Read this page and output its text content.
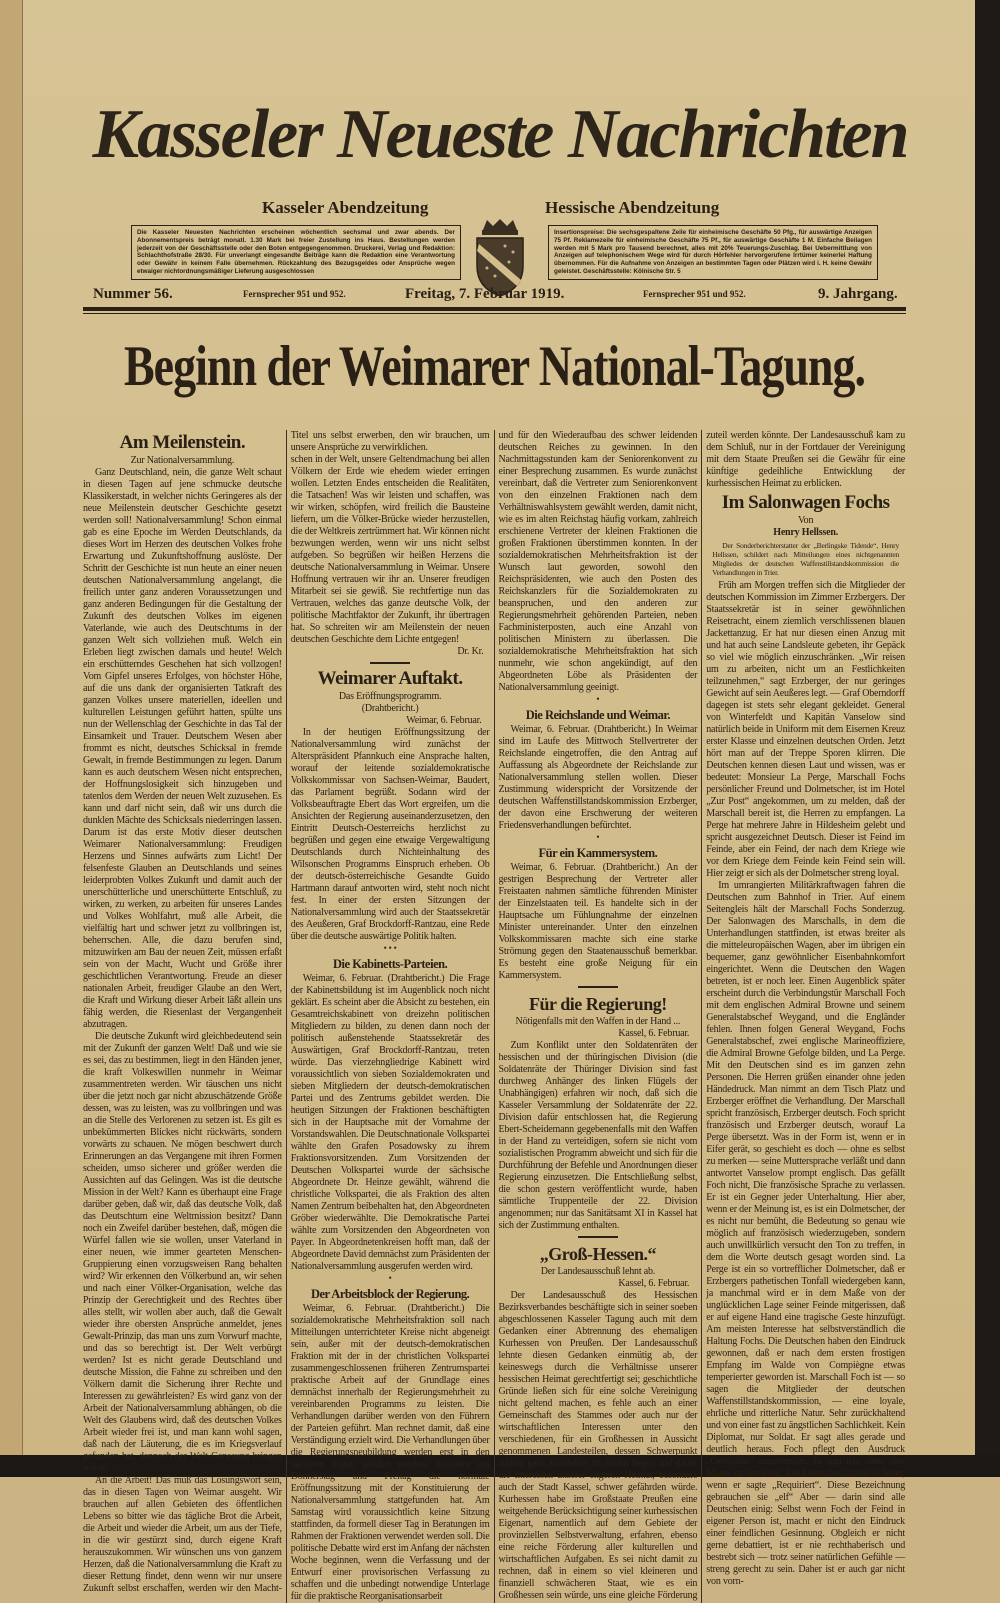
Kasseler Neueste Nachrichten
Kasseler Abendzeitung	Hessische Abendzeitung
Die Kasseler Neuesten Nachrichten erscheinen wöchentlich sechsmal und zwar abends. Der Abonnementspreis beträgt monatl. 1.30 Mark bei freier Zustellung ins Haus. Bestellungen werden jederzeit von der Geschäftsstelle oder den Boten entgegengenommen. Druckerei, Verlag und Redaktion: Schlachthofstraße 28/30. Für unverlangt eingesandte Beiträge kann die Redaktion eine Verantwortung oder Gewähr in keinem Falle übernehmen. Rückzahlung des Bezugsgeldes oder Ansprüche wegen etwaiger nichtordnungsmäßiger Lieferung ausgeschlossen
Insertionspreise: Die sechsgespaltene Zeile für einheimische Geschäfte 50 Pfg., für auswärtige Anzeigen 75 Pf. Reklamezeile für einheimische Geschäfte 75 Pf., für auswärtige Geschäfte 1 M. Einfache Beilagen werden mit 5 Mark pro Tausend berechnet, alles mit 20% Teuerungs-Zuschlag. Bei Uebermittlung von Anzeigen auf telephonischem Wege wird für durch Hörfehler hervorgerufene Irrtümer keinerlei Haftung übernommen. Für die Aufnahme von Anzeigen an bestimmten Tagen oder Plätzen wird i. H. keine Gewähr geleistet. Geschäftsstelle: Kölnische Str. 5
Nummer 56.	Fernsprecher 951 und 952.	Freitag, 7. Februar 1919.	Fernsprecher 951 und 952.	9. Jahrgang.
Beginn der Weimarer National-Tagung.
Am Meilenstein.
Zur Nationalversammlung.
Ganz Deutschland, nein, die ganze Welt schaut in diesen Tagen auf jene schmucke deutsche Klassikerstadt, in welcher nichts Geringeres als der neue Meilenstein deutscher Geschichte gesetzt werden soll! Nationalversammlung! Schon einmal gab es eine Epoche im Werden Deutschlands, da dieses Wort im Herzen des deutschen Volkes frohe Erwartung und Zukunftshoffnung auslöste. Der Schritt der Geschichte ist nun heute an einer neuen deutschen Nationalversammlung angelangt, die freilich unter ganz anderen Voraussetzungen und ganz anderen Bedingungen für die Gestaltung der Zukunft des deutschen Volkes im eigenen Vaterlande, wie auch des Deutschtums in der ganzen Welt sich vollziehen muß. Welch ein Erleben liegt zwischen damals und heute! Welch ein erschütterndes Geschehen hat sich vollzogen! Vom Gipfel unseres Erfolges, von höchster Höhe, auf die uns dank der organisierten Tatkraft des ganzen Volkes unsere materiellen, ideellen und kulturellen Leistungen geführt hatten, spülte uns nun der Wellenschlag der Geschichte in das Tal der Einsamkeit und Trauer. Deutschem Wesen aber frommt es nicht, deutsches Schicksal in fremde Gewalt, in fremde Bestimmungen zu legen. Darum kann es auch deutschem Wesen nicht entsprechen, der Hoffnungslosigkeit sich hinzugeben und tatenlos dem Werden der neuen Welt zuzusehen. Es kann und darf nicht sein, daß wir uns durch die dunklen Mächte des Schicksals niederringen lassen. Darum ist das erste Motiv dieser deutschen Weimarer Nationalversammlung: Freudigen Herzens und Sinnes aufwärts zum Licht! Der felsenfeste Glauben an Deutschlands und seines leiderprobten Volkes Zukunft und damit auch der unerschütterliche und unerschütterte Entschluß, zu wirken, zu werken, zu arbeiten für unseres Landes und Volkes Wohlfahrt, muß alle Arbeit, die vielfältig hart und schwer jetzt zu vollbringen ist, beherrschen. Alle, die dazu berufen sind, mitzuwirken am Bau der neuen Zeit, müssen erfaßt sein von der Macht, Wucht und Größe ihrer geschichtlichen Verantwortung. Freude an dieser nationalen Arbeit, freudiger Glaube an den Wert, die Kraft und Wirkung dieser Arbeit läßt allein uns fähig werden, die Riesenlast der Vergangenheit abzutragen.
Die deutsche Zukunft wird gleichbedeutend sein mit der Zukunft der ganzen Welt! Daß und wie sie es sei, das zu bestimmen, liegt in den Händen jener, die kraft Volkeswillen nunmehr in Weimar zusammentreten werden. Wir täuschen uns nicht über die jetzt noch gar nicht abzuschätzende Größe dessen, was zu leisten, was zu vollbringen und was an die Stelle des Verlorenen zu setzen ist. Es gilt es unbekümmerten Blickes nicht rückwärts, sondern vorwärts zu schauen. Ne mögen beschwert durch Erinnerungen an das Vergangene mit ihren Formen scheiden, umso sicherer und größer werden die Aussichten auf das Gelingen. Was ist die deutsche Mission in der Welt? Kann es überhaupt eine Frage darüber geben, daß wir, daß das deutsche Volk, daß das Deutschtum eine Weltmission besitzt? Dann noch ein Zweifel darüber bestehen, daß, mögen die Würfel fallen wie sie wollen, unser Vaterland in einer neuen, wie immer gearteten Menschen-Gruppierung einen vorzugsweisen Rang behalten wird? Wir erkennen den Völkerbund an, wir sehen und nach einer Völker-Organisation, welche das Prinzip der Gerechtigkeit und des Rechtes über alles stellt, wir wollen aber auch, daß die Gewalt wieder ihre obersten Ansprüche anmeldet, jenes Gewalt-Prinzip, das man uns zum Vorwurf machte, und das so berechtigt ist. Der Welt verbürgt werden? Ist es nicht gerade Deutschland und deutsche Mission, die Fahne zu schreiben und den Völkern damit die Sicherung ihrer Rechte und Interessen zu gewährleisten? Es wird ganz von der Arbeit der Nationalversammlung abhängen, ob die Welt des Glaubens wird, daß des deutschen Volkes Arbeit wieder frei ist, und man kann wohl sagen, daß nach der Läuterung, die es im Kriegsverlauf gefunden hat, dennoch der Welt Genesung bringen werde.
An die Arbeit! Das muß das Losungswort sein, das in diesen Tagen von Weimar ausgeht. Wir brauchen auf allen Gebieten des öffentlichen Lebens so bitter wie das tägliche Brot die Arbeit, die Arbeit und wieder die Arbeit, um aus der Tiefe, in die wir gestürzt sind, durch eigene Kraft herauszukommen. Wir wünschen uns von ganzem Herzen, daß die Nationalversammlung die Kraft zu dieser Rettung findet, denn wenn wir nur unsere Zukunft selbst erschaffen, werden wir den Macht-Titel uns selbst erwerben, den wir brauchen, um unsere Ansprüche zu verwirklichen.
schen in der Welt, unsere Geltendmachung bei allen Völkern der Erde wie ehedem wieder erringen wollen. Letzten Endes entscheiden die Realitäten, die Tatsachen! Was wir leisten und schaffen, was wir wirken, schöpfen, wird freilich die Bausteine liefern, um die Völker-Brücke wieder herzustellen, die der Weltkreis zertrümmert hat. Wir können nicht bezwungen werden, wenn wir uns nicht selbst aufgeben. So begrüßen wir heißen Herzens die deutsche Nationalversammlung in Weimar. Unsere Hoffnung vertrauen wir ihr an. Unserer freudigen Mitarbeit sei sie gewiß. Sie rechtfertige nun das Vertrauen, welches das ganze deutsche Volk, der politische Machtfaktor der Zukunft, ihr übertragen hat. So schreiten wir am Meilenstein der neuen deutschen Geschichte dem Lichte entgegen!
Dr. Kr.
Weimarer Auftakt.
Das Eröffnungsprogramm.
(Drahtbericht.)
Weimar, 6. Februar.
In der heutigen Eröffnungssitzung der Nationalversammlung wird zunächst der Alterspräsident Pfannkuch eine Ansprache halten, worauf der leitende sozialdemokratische Volkskommissar von Sachsen-Weimar, Baudert, das Parlament begrüßt. Sodann wird der Volksbeauftragte Ebert das Wort ergreifen, um die Ansichten der Regierung auseinanderzusetzen, den Eintritt Deutsch-Oesterreichs herzlichst zu begrüßen und gegen eine etwaige Vergewaltigung Deutschlands durch Nichteinhaltung des Wilsonschen Programms Einspruch erheben. Ob der deutsch-österreichische Gesandte Guido Hartmann darauf antworten wird, steht noch nicht fest. In einer der ersten Sitzungen der Nationalversammlung wird auch der Staatssekretär des Aeußeren, Graf Brockdorff-Rantzau, eine Rede über die deutsche auswärtige Politik halten.
• • •
Die Kabinetts-Parteien.
Weimar, 6. Februar. (Drahtbericht.) Die Frage der Kabinettsbildung ist im Augenblick noch nicht geklärt. Es scheint aber die Absicht zu bestehen, ein Gesamtreichskabinett von dreizehn politischen Mitgliedern zu bilden, zu denen dann noch der politisch außenstehende Staatssekretär des Auswärtigen, Graf Brockdorff-Rantzau, treten würde. Das vierzehngliedrige Kabinett wird voraussichtlich von sieben Sozialdemokraten und sieben Mitgliedern der deutsch-demokratischen Partei und des Zentrums gebildet werden. Die heutigen Sitzungen der Fraktionen beschäftigten sich in der Hauptsache mit der Vornahme der Vorstandswahlen. Die Deutschnationale Volkspartei wählte den Grafen Posadowsky zu ihrem Fraktionsvorsitzenden. Zum Vorsitzenden der Deutschen Volkspartei wurde der sächsische Abgeordnete Dr. Heinze gewählt, während die christliche Volkspartei, die als Fraktion des alten Namen Zentrum beibehalten hat, den Abgeordneten Gröber wiederwählte. Die Demokratische Partei wählte zum Vorsitzenden den Abgeordneten von Payer. In Abgeordnetenkreisen hofft man, daß der Abgeordnete David demnächst zum Präsidenten der Nationalversammlung ausgerufen werden wird.
•
Der Arbeitsblock der Regierung.
Weimar, 6. Februar. (Drahtbericht.) Die sozialdemokratische Mehrheitsfraktion soll nach Mitteilungen unterrichteter Kreise nicht abgeneigt sein, außer mit der deutsch-demokratischen Fraktion mit der in der christlichen Volkspartei zusammengeschlossenen früheren Zentrumspartei praktische Arbeit auf der Grundlage eines demnächst innerhalb der Regierungsmehrheit zu vereinbarenden Programms zu leisten. Die Verhandlungen darüber werden von den Führern der Parteien geführt. Man rechnet damit, daß eine Verständigung erzielt wird. Die Verhandlungen über die Regierungsneubildung werden erst in den nächsten Tagen geführt werden, nachdem am Donnerstag und Freitag die normale Eröffnungssitzung mit der Konstituierung der Nationalversammlung stattgefunden hat. Am Samstag wird voraussichtlich keine Sitzung stattfinden, da formell dieser Tag in Beratungen im Rahmen der Fraktionen verwendet werden soll. Die politische Debatte wird erst im Anfang der nächsten Woche beginnen, wenn die Verfassung und der Entwurf einer provisorischen Verfassung zu schaffen und die unbedingt notwendige Unterlage für die praktische Reorganisationsarbeit
und für den Wiederaufbau des schwer leidenden deutschen Reiches zu gewinnen. In den Nachmittagsstunden kam der Seniorenkonvent zu einer Besprechung zusammen. Es wurde zunächst vereinbart, daß die Vertreter zum Seniorenkonvent von den einzelnen Fraktionen nach dem Verhältniswahlsystem gewählt werden, damit nicht, wie es im alten Reichstag häufig vorkam, zahlreich erschienene Vertreter der kleinen Fraktionen die großen Fraktionen überstimmen konnten. In der sozialdemokratischen Mehrheitsfraktion ist der Wunsch laut geworden, sowohl den Reichspräsidenten, wie auch den Posten des Reichskanzlers für die Sozialdemokraten zu beanspruchen, und den anderen zur Regierungsmehrheit gehörenden Parteien, neben Fachministerposten, auch eine Anzahl von politischen Ministern zu überlassen. Die sozialdemokratische Mehrheitsfraktion hat sich nunmehr, wie schon angekündigt, auf den Abgeordneten Löbe als Präsidenten der Nationalversammlung geeinigt.
•
Die Reichslande und Weimar.
Weimar, 6. Februar. (Drahtbericht.) In Weimar sind im Laufe des Mittwoch Stellvertreter der Reichslande eingetroffen, die den Antrag auf Auffassung als Abgeordnete der Reichslande zur Nationalversammlung stellen wollen. Dieser Zustimmung widerspricht der Vorsitzende der deutschen Waffenstillstandskommission Erzberger, der davon eine Erschwerung der weiteren Friedensverhandlungen befürchtet.
•
Für ein Kammersystem.
Weimar, 6. Februar. (Drahtbericht.) An der gestrigen Besprechung der Vertreter aller Freistaaten nahmen sämtliche führenden Minister der Einzelstaaten teil. Es handelte sich in der Hauptsache um Fühlungnahme der einzelnen Minister untereinander. Unter den einzelnen Volkskommissaren machte sich eine starke Strömung gegen den Staatenausschuß bemerkbar. Es besteht eine große Neigung für ein Kammersystem.
Für die Regierung!
Nötigenfalls mit den Waffen in der Hand ...
Kassel, 6. Februar.
Zum Konflikt unter den Soldatenräten der hessischen und der thüringischen Division (die Soldatenräte der Thüringer Division sind fast durchweg Anhänger des linken Flügels der Unabhängigen) erfahren wir noch, daß sich die Kasseler Versammlung der Soldatenräte der 22. Division dafür entschlossen hat, die Regierung Ebert-Scheidemann gegebenenfalls mit den Waffen in der Hand zu verteidigen, sofern sie nicht vom sozialistischen Programm abweicht und sich für die Durchführung der Befehle und Anordnungen dieser Regierung einzusetzen. Die Entschließung selbst, die schon gestern veröffentlicht wurde, haben sämtliche Truppenteile der 22. Division angenommen; nur das Sanitätsamt XI in Kassel hat sich der Zustimmung enthalten.
„Groß-Hessen.“
Der Landesausschuß lehnt ab.
Kassel, 6. Februar.
Der Landesausschuß des Hessischen Bezirksverbandes beschäftigte sich in seiner soeben abgeschlossenen Kasseler Tagung auch mit dem Gedanken einer Abtrennung des ehemaligen Kurhessen von Preußen. Der Landesausschuß lehnte diesen Gedanken einmütig ab, der keineswegs durch die Verhältnisse unserer hessischen Heimat gerechtfertigt sei; geschichtliche Gründe ließen sich für eine solche Vereinigung nicht geltend machen, es fehle auch an einer Gemeinschaft des Stammes oder auch nur der wirtschaftlichen Interessen unter den verschiedenen, für ein Großhessen in Aussicht genommenen Landesteilen, dessen Schwerpunkt zudem ganz zweifellos im Süden liegen und damit die Interessen unserer engeren Heimat, besonders auch der Stadt Kassel, schwer gefährden würde. Kurhessen habe im Großstaate Preußen eine weitgehende Berücksichtigung seiner kurhessischen Eigenart, namentlich auf dem Gebiete der provinziellen Selbstverwaltung, erfahren, ebenso eine reiche Förderung aller kulturellen und wirtschaftlichen Aufgaben. Es sei nicht damit zu rechnen, daß in einem so viel kleineren und finanziell schwächeren Staat, wie es ein Großhessen sein würde, uns eine gleiche Förderung zuteil werden könnte. Der Landesausschuß kam zu dem Schluß, nur in der Fortdauer der Vereinigung mit dem Staate Preußen sei die Gewähr für eine künftige gedeihliche Entwicklung der kurhessischen Heimat zu erblicken.
Im Salonwagen Fochs
Von
Henry Hellssen.
Der Sonderberichterstatter der „Berlingske Tidende“, Henry Hellssen, schildert nach Mitteilungen eines nichtgenannten Mitgliedes der deutschen Waffenstillstandskommission die Verhandlungen in Trier.
Früh am Morgen treffen sich die Mitglieder der deutschen Kommission im Zimmer Erzbergers. Der Staatssekretär ist in seiner gewöhnlichen Reisetracht, einem ziemlich verschlissenen blauen Jackettanzug. Er hat nur diesen einen Anzug mit und hat auch seine Landsleute gebeten, ihr Gepäck so viel wie möglich einzuschränken. „Wir reisen um zu arbeiten, nicht um an Festlichkeiten teilzunehmen,“ sagt Erzberger, der nur geringes Gewicht auf sein Aeußeres legt. — Graf Oberndorff dagegen ist stets sehr elegant gekleidet. General von Winterfeldt und Kapitän Vanselow sind natürlich beide in Uniform mit dem Eisernen Kreuz erster Klasse und einzelnen deutschen Orden. Jetzt hört man auf der Treppe Sporen klirren. Die Deutschen kennen diesen Laut und wissen, was er bedeutet: Monsieur La Perge, Marschall Fochs persönlicher Freund und Dolmetscher, ist im Hotel „Zur Post“ angekommen, um zu melden, daß der Marschall bereit ist, die Herren zu empfangen. La Perge hat mehrere Jahre in Hildesheim gelebt und spricht ausgezeichnet Deutsch. Dieser ist Feind im Feinde, aber ein Feind, der nach dem Kriege wie vor dem Kriege dem Feinde kein Feind sein will. Hier zeigt er sich als der Dolmetscher streng loyal.
Im umrangierten Militärkraftwagen fahren die Deutschen zum Bahnhof in Trier. Auf einem Seitengleis hält der Marschall Fochs Sonderzug. Der Salonwagen des Marschalls, in dem die Unterhandlungen stattfinden, ist etwas breiter als die mitteleuropäischen Wagen, aber im übrigen ein bequemer, ganz gewöhnlicher Eisenbahnkomfort eingerichtet. Wenn die Deutschen den Wagen betreten, ist er noch leer. Einen Augenblick später erscheint durch die Verbindungstür Marschall Foch mit dem englischen Admiral Browne und seinem Generalstabschef Weygand, und die Engländer fehlen. Ihnen folgen General Weygand, Fochs Generalstabschef, zwei englische Marineoffiziere, die Admiral Browne Gefolge bilden, und La Perge. Mit den Deutschen sind es im ganzen zehn Personen. Die Herren grüßen einander ohne jeden Händedruck. Man nimmt an dem Tisch Platz und Erzberger eröffnet die Verhandlung. Der Marschall spricht französisch, Erzberger deutsch. Foch spricht französisch und Erzberger deutsch, worauf La Perge übersetzt. Was in der Form ist, wenn er in Eifer gerät, so geschieht es doch — ohne es selbst zu merken — seine Muttersprache verläßt und dann antwortet Vanselow prompt englisch. Das gefällt Foch nicht, Die französische Sprache zu verlassen. Er ist ein Gegner jeder Unterhaltung. Hier aber, wenn er der Meinung ist, es ist ein Dolmetscher, der es nicht nur bemüht, die Bedeutung so genau wie möglich auf französisch wiederzugeben, sondern auch unwillkürlich versucht den Ton zu treffen, in dem die Worte deutsch gesagt worden sind. La Perge ist ein so vortrefflicher Dolmetscher, daß er Erzbergers pathetischen Tonfall wiedergeben kann, ja manchmal wird er in dem Maße von der unglücklichen Lage seiner Feinde mitgerissen, daß er auf eigene Hand eine tragische Geste hinzufügt. Am meisten Interesse hat selbstverständlich die Haltung Fochs. Die Deutschen haben den Eindruck gewonnen, daß er nach dem ersten frostigen Empfang im Walde von Compiègne etwas temperierter geworden ist. Marschall Foch ist — so sagen die Mitglieder der deutschen Waffenstillstandskommission, — eine loyale, ehrliche und ritterliche Natur. Sehr zurückhaltend und von einer fast zu ängstlichen Sachlichkeit. Kein Diplomat, nur Soldat. Er sagt alles gerade und deutlich heraus. Foch pflegt den Ausdruck „Gestohlen“ anzuwenden. Er sagt das, ohne eine Miene zu verziehen. Die Deutschen hätten es lieber, wenn er sagte „Requiriert“. Diese Bezeichnung gebrauchen sie „elf“ Aber — darin sind alle Deutschen einig: Selbst wenn Foch der Feind in eigener Person ist, macht er nicht den Eindruck einer feindlichen Gesinnung. Obgleich er nicht gerne debattiert, ist er nie rechthaberisch und bestrebt sich — trotz seiner natürlichen Gefühle — streng gerecht zu sein. Daher ist er auch gar nicht von vorn-
